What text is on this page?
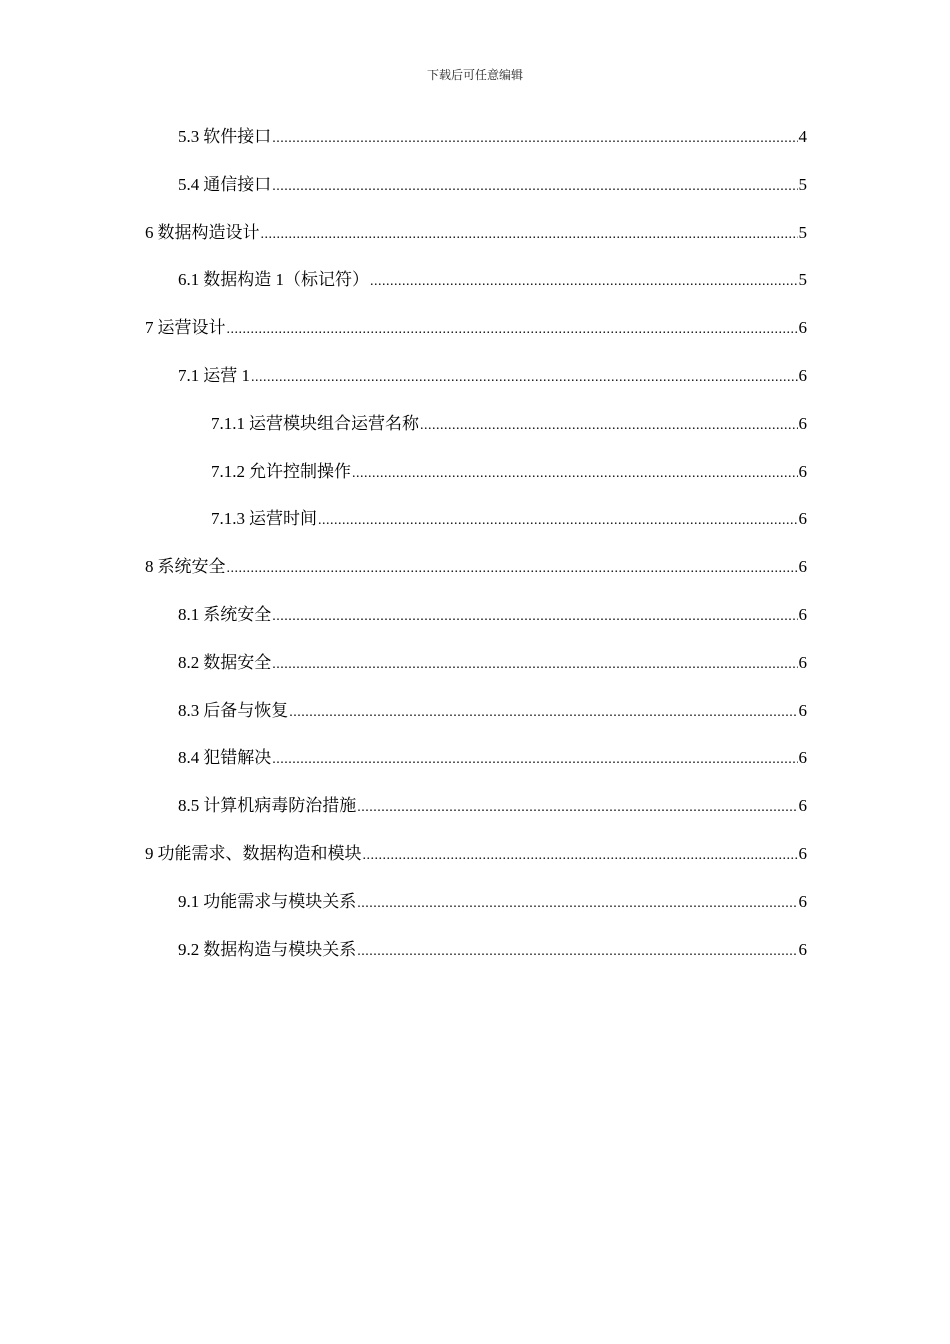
下载后可任意编辑
5.3 软件接口 .....	4
5.4 通信接口 .....	5
6 数据构造设计 .....	5
6.1 数据构造 1（标记符） .....	5
7 运营设计 .....	6
7.1 运营 1 .....	6
7.1.1 运营模块组合运营名称 .....	6
7.1.2 允许控制操作 .....	6
7.1.3 运营时间 .....	6
8 系统安全 .....	6
8.1 系统安全 .....	6
8.2 数据安全 .....	6
8.3 后备与恢复 .....	6
8.4 犯错解决 .....	6
8.5 计算机病毒防治措施 .....	6
9 功能需求、数据构造和模块 .....	6
9.1 功能需求与模块关系 .....	6
9.2 数据构造与模块关系 .....	6
